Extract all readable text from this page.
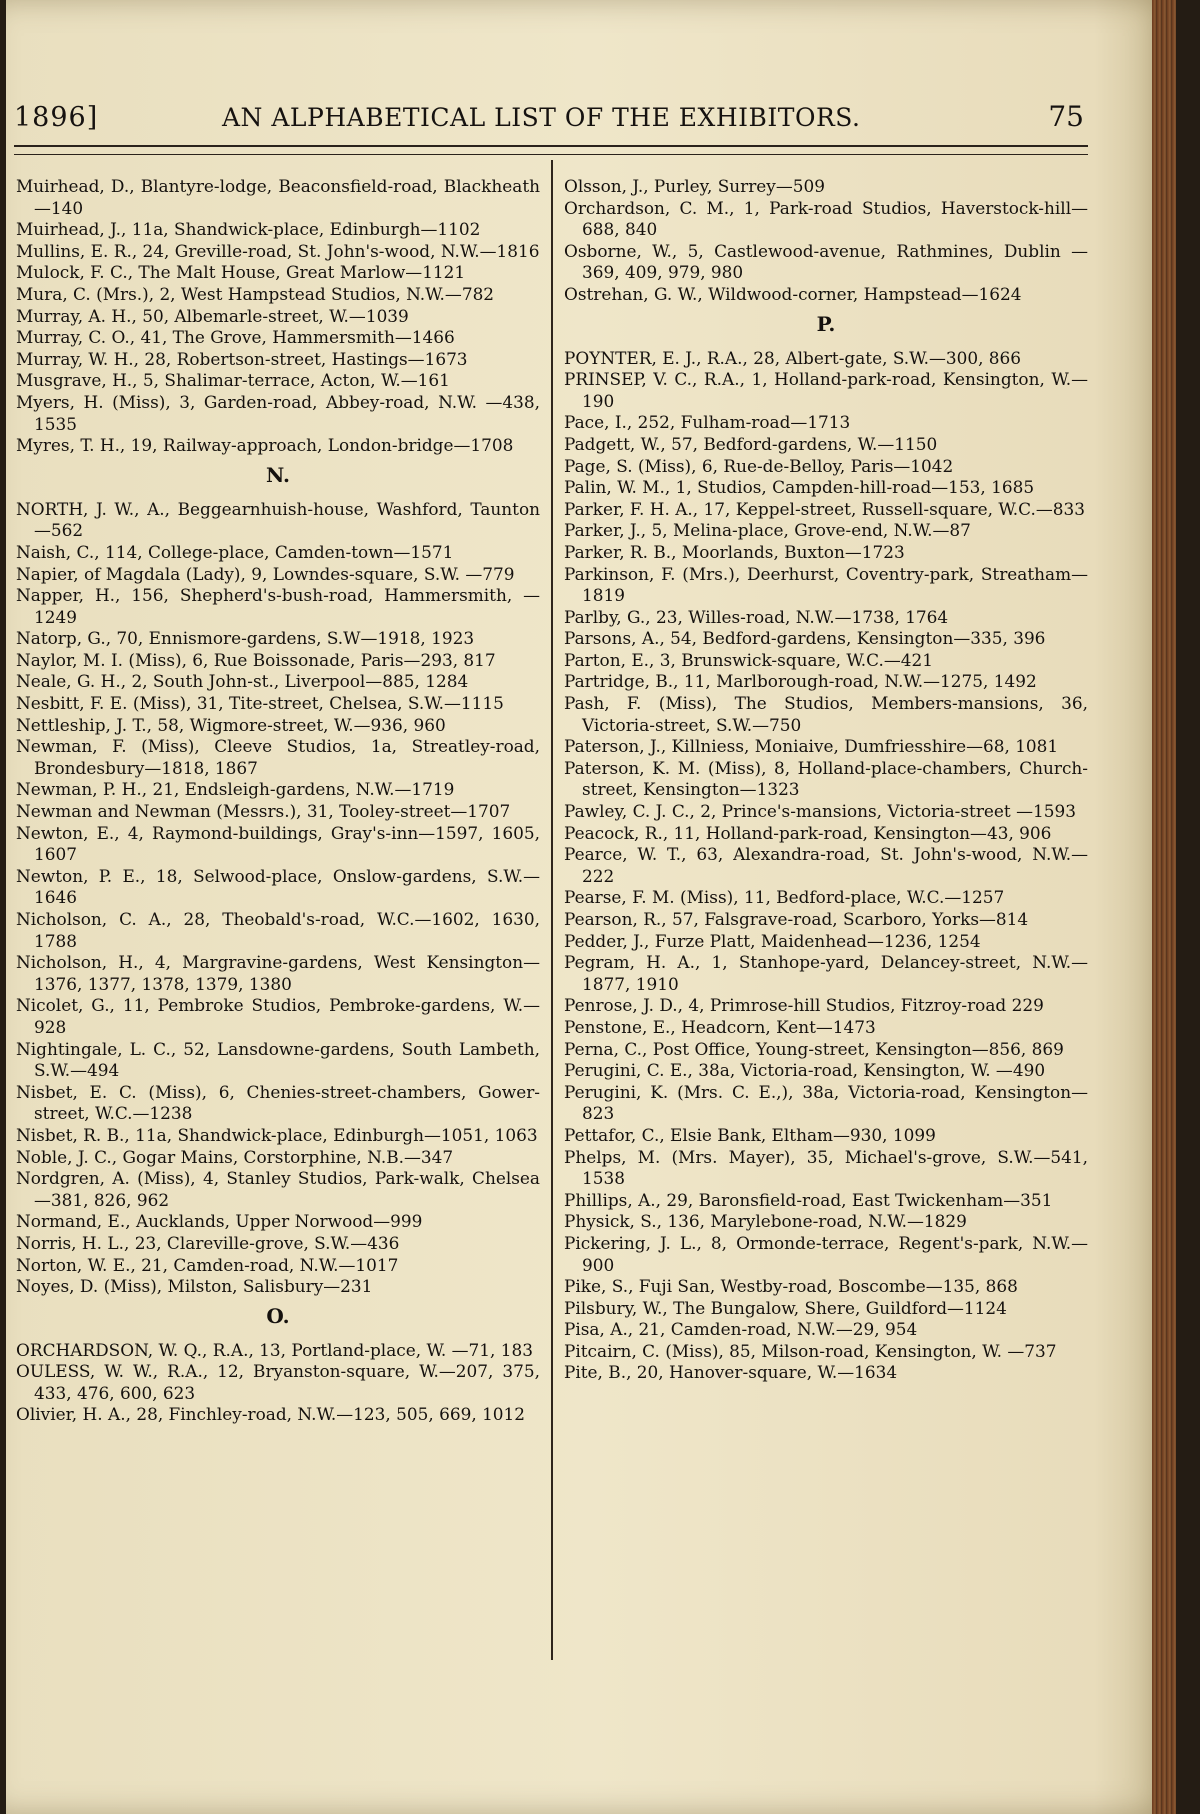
1896]	AN ALPHABETICAL LIST OF THE EXHIBITORS.	75

Muirhead, D., Blantyre-lodge, Beaconsfield-road, Blackheath—140

Muirhead, J., 11a, Shandwick-place, Edinburgh—1102

Mullins, E. R., 24, Greville-road, St. John's-wood, N.W.—1816

Mulock, F. C., The Malt House, Great Marlow—1121

Mura, C. (Mrs.), 2, West Hampstead Studios, N.W.—782

Murray, A. H., 50, Albemarle-street, W.—1039

Murray, C. O., 41, The Grove, Hammersmith—1466

Murray, W. H., 28, Robertson-street, Hastings—1673

Musgrave, H., 5, Shalimar-terrace, Acton, W.—161

Myers, H. (Miss), 3, Garden-road, Abbey-road, N.W. —438, 1535

Myres, T. H., 19, Railway-approach, London-bridge—1708

N.

NORTH, J. W., A., Beggearnhuish-house, Washford, Taunton—562

Naish, C., 114, College-place, Camden-town—1571

Napier, of Magdala (Lady), 9, Lowndes-square, S.W. —779

Napper, H., 156, Shepherd's-bush-road, Hammersmith, —1249

Natorp, G., 70, Ennismore-gardens, S.W—1918, 1923

Naylor, M. I. (Miss), 6, Rue Boissonade, Paris—293, 817

Neale, G. H., 2, South John-st., Liverpool—885, 1284

Nesbitt, F. E. (Miss), 31, Tite-street, Chelsea, S.W.—1115

Nettleship, J. T., 58, Wigmore-street, W.—936, 960

Newman, F. (Miss), Cleeve Studios, 1a, Streatley-road, Brondesbury—1818, 1867

Newman, P. H., 21, Endsleigh-gardens, N.W.—1719

Newman and Newman (Messrs.), 31, Tooley-street—1707

Newton, E., 4, Raymond-buildings, Gray's-inn—1597, 1605, 1607

Newton, P. E., 18, Selwood-place, Onslow-gardens, S.W.—1646

Nicholson, C. A., 28, Theobald's-road, W.C.—1602, 1630, 1788

Nicholson, H., 4, Margravine-gardens, West Kensington—1376, 1377, 1378, 1379, 1380

Nicolet, G., 11, Pembroke Studios, Pembroke-gardens, W.—928

Nightingale, L. C., 52, Lansdowne-gardens, South Lambeth, S.W.—494

Nisbet, E. C. (Miss), 6, Chenies-street-chambers, Gower-street, W.C.—1238

Nisbet, R. B., 11a, Shandwick-place, Edinburgh—1051, 1063

Noble, J. C., Gogar Mains, Corstorphine, N.B.—347

Nordgren, A. (Miss), 4, Stanley Studios, Park-walk, Chelsea—381, 826, 962

Normand, E., Aucklands, Upper Norwood—999

Norris, H. L., 23, Clareville-grove, S.W.—436

Norton, W. E., 21, Camden-road, N.W.—1017

Noyes, D. (Miss), Milston, Salisbury—231

O.

ORCHARDSON, W. Q., R.A., 13, Portland-place, W. —71, 183

OULESS, W. W., R.A., 12, Bryanston-square, W.—207, 375, 433, 476, 600, 623

Olivier, H. A., 28, Finchley-road, N.W.—123, 505, 669, 1012

Olsson, J., Purley, Surrey—509

Orchardson, C. M., 1, Park-road Studios, Haverstock-hill—688, 840

Osborne, W., 5, Castlewood-avenue, Rathmines, Dublin —369, 409, 979, 980

Ostrehan, G. W., Wildwood-corner, Hampstead—1624

P.

POYNTER, E. J., R.A., 28, Albert-gate, S.W.—300, 866

PRINSEP, V. C., R.A., 1, Holland-park-road, Kensington, W.—190

Pace, I., 252, Fulham-road—1713

Padgett, W., 57, Bedford-gardens, W.—1150

Page, S. (Miss), 6, Rue-de-Belloy, Paris—1042

Palin, W. M., 1, Studios, Campden-hill-road—153, 1685

Parker, F. H. A., 17, Keppel-street, Russell-square, W.C.—833

Parker, J., 5, Melina-place, Grove-end, N.W.—87

Parker, R. B., Moorlands, Buxton—1723

Parkinson, F. (Mrs.), Deerhurst, Coventry-park, Streatham—1819

Parlby, G., 23, Willes-road, N.W.—1738, 1764

Parsons, A., 54, Bedford-gardens, Kensington—335, 396

Parton, E., 3, Brunswick-square, W.C.—421

Partridge, B., 11, Marlborough-road, N.W.—1275, 1492

Pash, F. (Miss), The Studios, Members-mansions, 36, Victoria-street, S.W.—750

Paterson, J., Killniess, Moniaive, Dumfriesshire—68, 1081

Paterson, K. M. (Miss), 8, Holland-place-chambers, Church-street, Kensington—1323

Pawley, C. J. C., 2, Prince's-mansions, Victoria-street —1593

Peacock, R., 11, Holland-park-road, Kensington—43, 906

Pearce, W. T., 63, Alexandra-road, St. John's-wood, N.W.—222

Pearse, F. M. (Miss), 11, Bedford-place, W.C.—1257

Pearson, R., 57, Falsgrave-road, Scarboro, Yorks—814

Pedder, J., Furze Platt, Maidenhead—1236, 1254

Pegram, H. A., 1, Stanhope-yard, Delancey-street, N.W.—1877, 1910

Penrose, J. D., 4, Primrose-hill Studios, Fitzroy-road 229

Penstone, E., Headcorn, Kent—1473

Perna, C., Post Office, Young-street, Kensington—856, 869

Perugini, C. E., 38a, Victoria-road, Kensington, W. —490

Perugini, K. (Mrs. C. E.,), 38a, Victoria-road, Kensington—823

Pettafor, C., Elsie Bank, Eltham—930, 1099

Phelps, M. (Mrs. Mayer), 35, Michael's-grove, S.W.—541, 1538

Phillips, A., 29, Baronsfield-road, East Twickenham—351

Physick, S., 136, Marylebone-road, N.W.—1829

Pickering, J. L., 8, Ormonde-terrace, Regent's-park, N.W.—900

Pike, S., Fuji San, Westby-road, Boscombe—135, 868

Pilsbury, W., The Bungalow, Shere, Guildford—1124

Pisa, A., 21, Camden-road, N.W.—29, 954

Pitcairn, C. (Miss), 85, Milson-road, Kensington, W. —737

Pite, B., 20, Hanover-square, W.—1634
